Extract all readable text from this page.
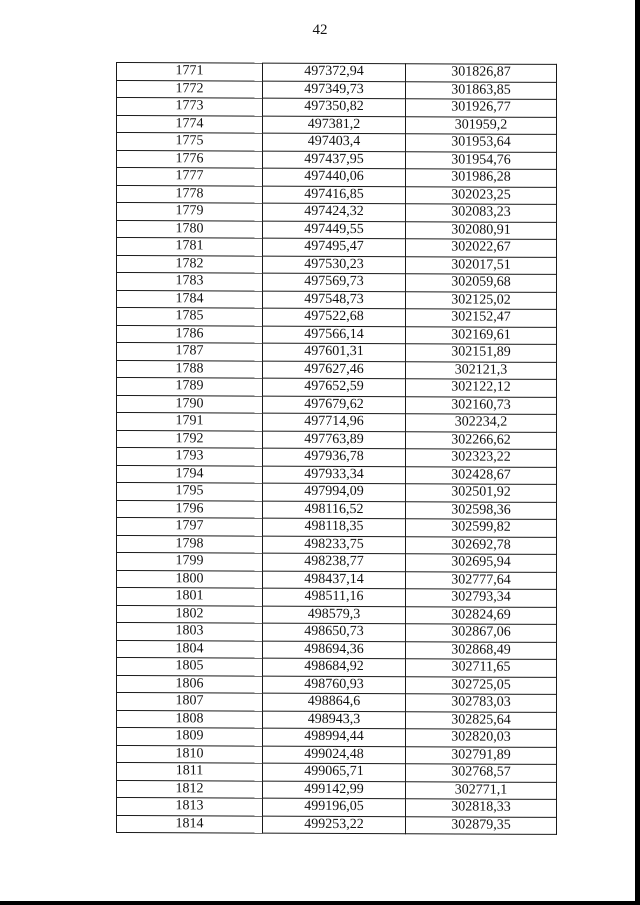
42
1771	497372,94	301826,87
1772	497349,73	301863,85
1773	497350,82	301926,77
1774	497381,2	301959,2
1775	497403,4	301953,64
1776	497437,95	301954,76
1777	497440,06	301986,28
1778	497416,85	302023,25
1779	497424,32	302083,23
1780	497449,55	302080,91
1781	497495,47	302022,67
1782	497530,23	302017,51
1783	497569,73	302059,68
1784	497548,73	302125,02
1785	497522,68	302152,47
1786	497566,14	302169,61
1787	497601,31	302151,89
1788	497627,46	302121,3
1789	497652,59	302122,12
1790	497679,62	302160,73
1791	497714,96	302234,2
1792	497763,89	302266,62
1793	497936,78	302323,22
1794	497933,34	302428,67
1795	497994,09	302501,92
1796	498116,52	302598,36
1797	498118,35	302599,82
1798	498233,75	302692,78
1799	498238,77	302695,94
1800	498437,14	302777,64
1801	498511,16	302793,34
1802	498579,3	302824,69
1803	498650,73	302867,06
1804	498694,36	302868,49
1805	498684,92	302711,65
1806	498760,93	302725,05
1807	498864,6	302783,03
1808	498943,3	302825,64
1809	498994,44	302820,03
1810	499024,48	302791,89
1811	499065,71	302768,57
1812	499142,99	302771,1
1813	499196,05	302818,33
1814	499253,22	302879,35
